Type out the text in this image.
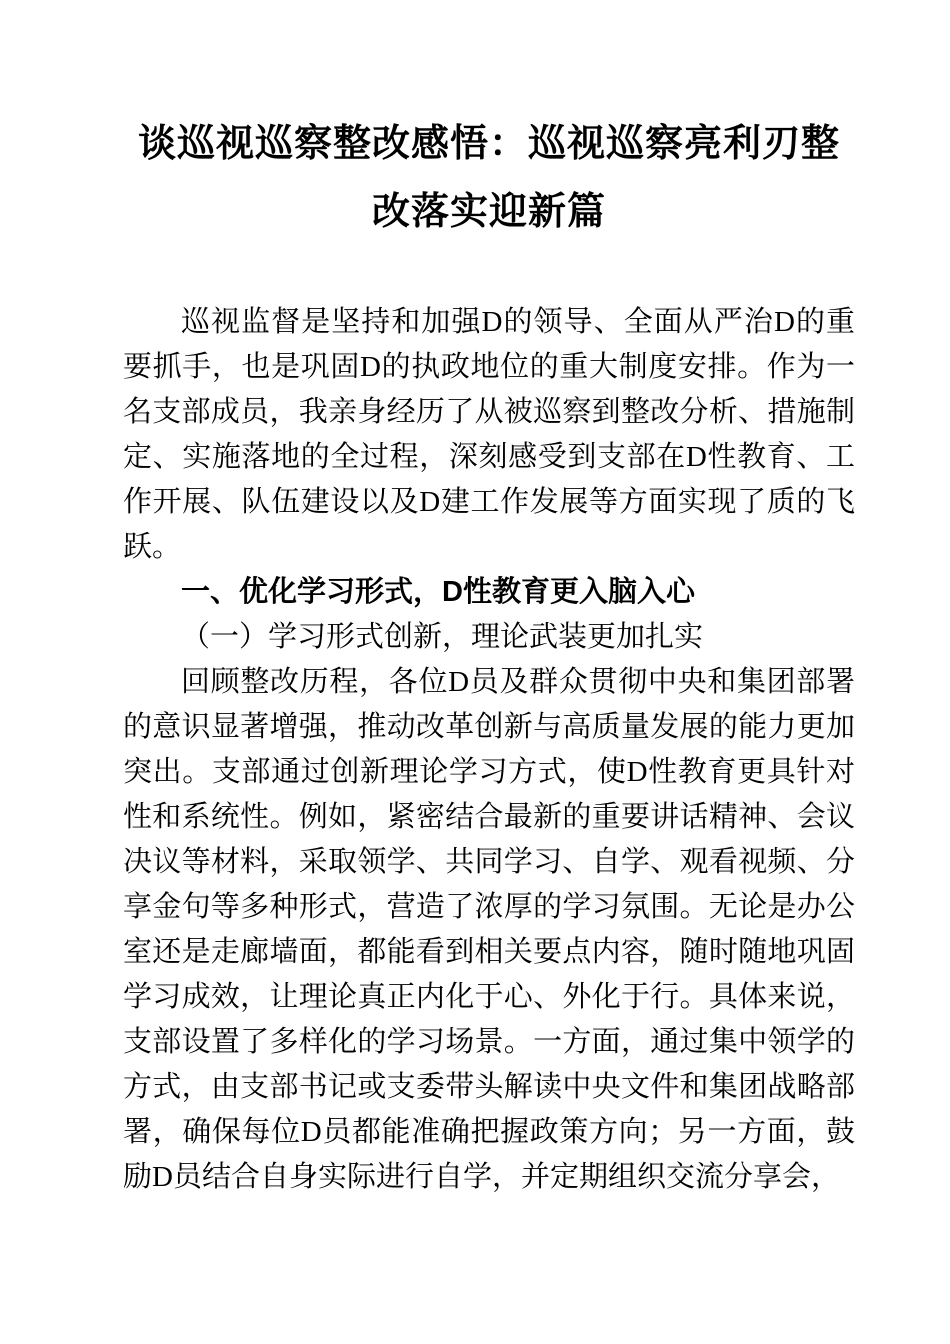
谈巡视巡察整改感悟：巡视巡察亮利刃整改落实迎新篇

巡视监督是坚持和加强D的领导、全面从严治D的重要抓手，也是巩固D的执政地位的重大制度安排。作为一名支部成员，我亲身经历了从被巡察到整改分析、措施制定、实施落地的全过程，深刻感受到支部在D性教育、工作开展、队伍建设以及D建工作发展等方面实现了质的飞跃。

一、优化学习形式，D性教育更入脑入心

（一）学习形式创新，理论武装更加扎实

回顾整改历程，各位D员及群众贯彻中央和集团部署的意识显著增强，推动改革创新与高质量发展的能力更加突出。支部通过创新理论学习方式，使D性教育更具针对性和系统性。例如，紧密结合最新的重要讲话精神、会议决议等材料，采取领学、共同学习、自学、观看视频、分享金句等多种形式，营造了浓厚的学习氛围。无论是办公室还是走廊墙面，都能看到相关要点内容，随时随地巩固学习成效，让理论真正内化于心、外化于行。具体来说，支部设置了多样化的学习场景。一方面，通过集中领学的方式，由支部书记或支委带头解读中央文件和集团战略部署，确保每位D员都能准确把握政策方向；另一方面，鼓励D员结合自身实际进行自学，并定期组织交流分享会，
